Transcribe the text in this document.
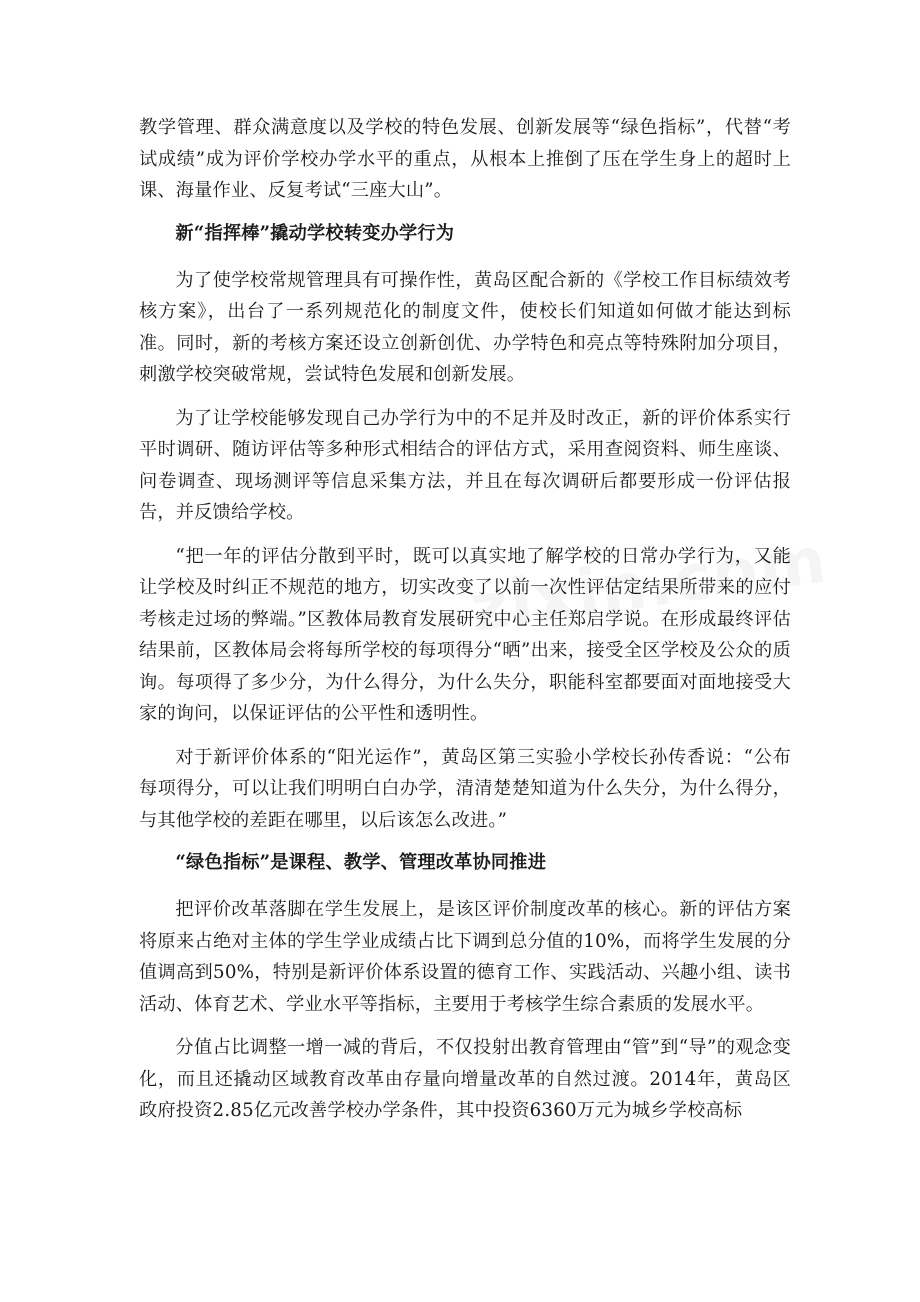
教学管理、群众满意度以及学校的特色发展、创新发展等“绿色指标”，代替“考试成绩”成为评价学校办学水平的重点，从根本上推倒了压在学生身上的超时上课、海量作业、反复考试“三座大山”。

新“指挥棒”撬动学校转变办学行为

为了使学校常规管理具有可操作性，黄岛区配合新的《学校工作目标绩效考核方案》，出台了一系列规范化的制度文件，使校长们知道如何做才能达到标准。同时，新的考核方案还设立创新创优、办学特色和亮点等特殊附加分项目，刺激学校突破常规，尝试特色发展和创新发展。

为了让学校能够发现自己办学行为中的不足并及时改正，新的评价体系实行平时调研、随访评估等多种形式相结合的评估方式，采用查阅资料、师生座谈、问卷调查、现场测评等信息采集方法，并且在每次调研后都要形成一份评估报告，并反馈给学校。

“把一年的评估分散到平时，既可以真实地了解学校的日常办学行为，又能让学校及时纠正不规范的地方，切实改变了以前一次性评估定结果所带来的应付考核走过场的弊端。”区教体局教育发展研究中心主任郑启学说。在形成最终评估结果前，区教体局会将每所学校的每项得分“晒”出来，接受全区学校及公众的质询。每项得了多少分，为什么得分，为什么失分，职能科室都要面对面地接受大家的询问，以保证评估的公平性和透明性。

对于新评价体系的“阳光运作”，黄岛区第三实验小学校长孙传香说：“公布每项得分，可以让我们明明白白办学，清清楚楚知道为什么失分，为什么得分，与其他学校的差距在哪里，以后该怎么改进。”

“绿色指标”是课程、教学、管理改革协同推进

把评价改革落脚在学生发展上，是该区评价制度改革的核心。新的评估方案将原来占绝对主体的学生学业成绩占比下调到总分值的10%，而将学生发展的分值调高到50%，特别是新评价体系设置的德育工作、实践活动、兴趣小组、读书活动、体育艺术、学业水平等指标，主要用于考核学生综合素质的发展水平。

分值占比调整一增一减的背后，不仅投射出教育管理由“管”到“导”的观念变化，而且还撬动区域教育改革由存量向增量改革的自然过渡。2014年，黄岛区政府投资2.85亿元改善学校办学条件，其中投资6360万元为城乡学校高标
